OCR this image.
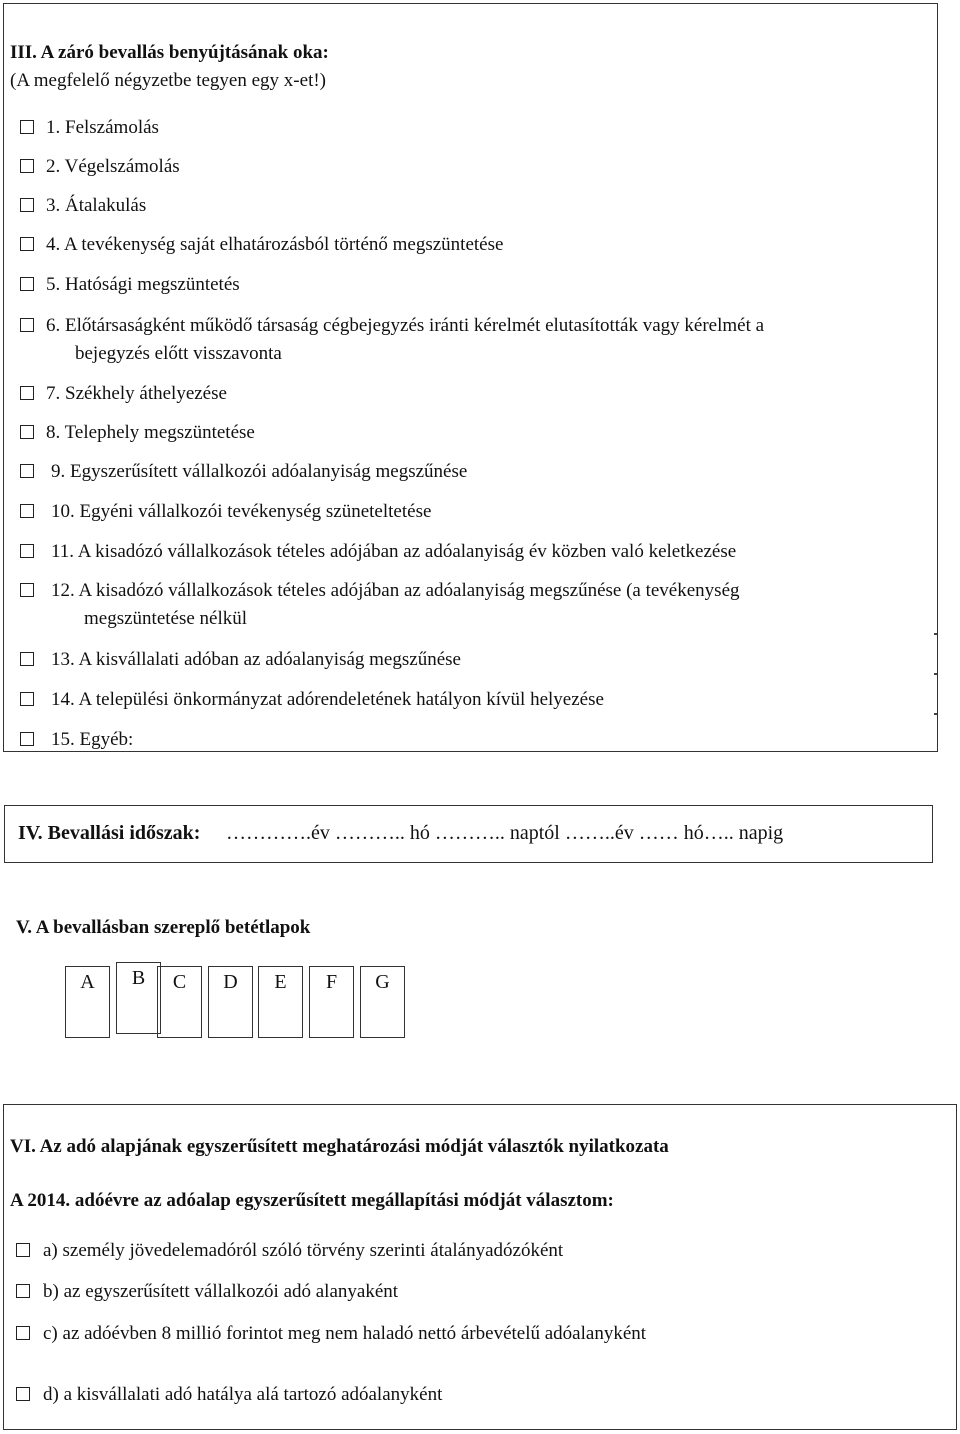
III. A záró bevallás benyújtásának oka:
(A megfelelő négyzetbe tegyen egy x-et!)
1. Felszámolás
2. Végelszámolás
3. Átalakulás
4. A tevékenység saját elhatározásból történő megszüntetése
5. Hatósági megszüntetés
6. Előtársaságként működő társaság cégbejegyzés iránti kérelmét elutasították vagy kérelmét a
bejegyzés előtt visszavonta
7. Székhely áthelyezése
8. Telephely megszüntetése
9. Egyszerűsített vállalkozói adóalanyiság megszűnése
10. Egyéni vállalkozói tevékenység szüneteltetése
11. A kisadózó vállalkozások tételes adójában az adóalanyiság év közben való keletkezése
12. A kisadózó vállalkozások tételes adójában az adóalanyiság megszűnése (a tevékenység
megszüntetése nélkül
13. A kisvállalati adóban az adóalanyiság megszűnése
14. A települési önkormányzat adórendeletének hatályon kívül helyezése
15. Egyéb:
IV. Bevallási időszak: ………….év ……….. hó ……….. naptól ……..év …… hó….. napig
V. A bevallásban szereplő betétlapok
A	B	C	D	E	F	G
VI. Az adó alapjának egyszerűsített meghatározási módját választók nyilatkozata
A 2014. adóévre az adóalap egyszerűsített megállapítási módját választom:
a) személy jövedelemadóról szóló törvény szerinti átalányadózóként
b) az egyszerűsített vállalkozói adó alanyaként
c) az adóévben 8 millió forintot meg nem haladó nettó árbevételű adóalanyként
d) a kisvállalati adó hatálya alá tartozó adóalanyként
